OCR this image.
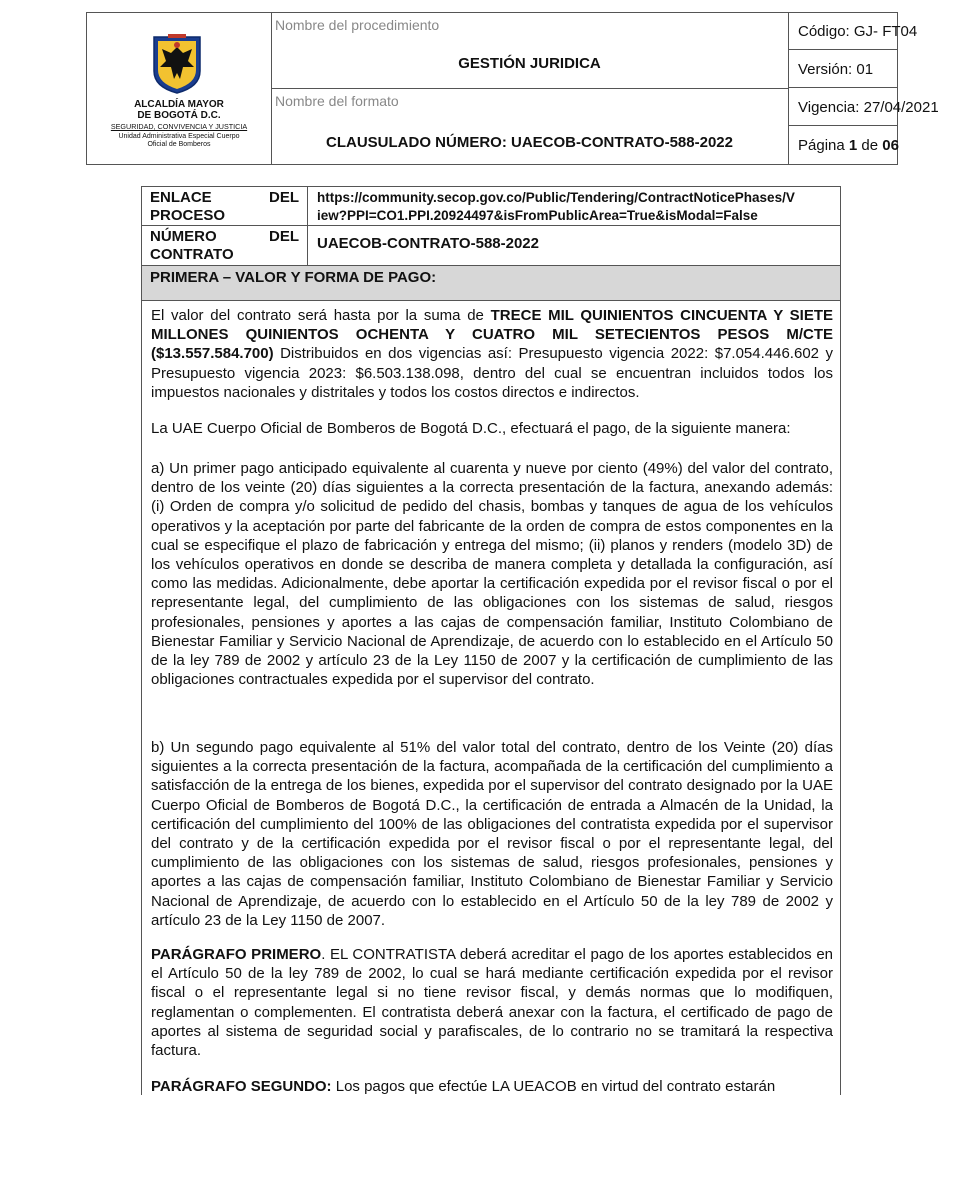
ALCALDÍA MAYOR
DE BOGOTÁ D.C.
SEGURIDAD, CONVIVENCIA Y JUSTICIA
Unidad Administrativa Especial Cuerpo
Oficial de Bomberos
Nombre del procedimiento
GESTIÓN JURIDICA
Nombre del formato
CLAUSULADO NÚMERO: UAECOB-CONTRATO-588-2022
Código: GJ- FT04
Versión: 01
Vigencia: 27/04/2021
Página 1 de 06
ENLACE	DEL
PROCESO
https://community.secop.gov.co/Public/Tendering/ContractNoticePhases/V
iew?PPI=CO1.PPI.20924497&isFromPublicArea=True&isModal=False
NÚMERO	DEL
CONTRATO
UAECOB-CONTRATO-588-2022
PRIMERA – VALOR Y FORMA DE PAGO:
El valor del contrato será hasta por la suma de TRECE MIL QUINIENTOS CINCUENTA Y SIETE MILLONES QUINIENTOS OCHENTA Y CUATRO MIL SETECIENTOS PESOS M/CTE ($13.557.584.700) Distribuidos en dos vigencias así: Presupuesto vigencia 2022: $7.054.446.602 y Presupuesto vigencia 2023: $6.503.138.098, dentro del cual se encuentran incluidos todos los impuestos nacionales y distritales y todos los costos directos e indirectos.
La UAE Cuerpo Oficial de Bomberos de Bogotá D.C., efectuará el pago, de la siguiente manera:
a) Un primer pago anticipado equivalente al cuarenta y nueve por ciento (49%) del valor del contrato, dentro de los veinte (20) días siguientes a la correcta presentación de la factura, anexando además: (i) Orden de compra y/o solicitud de pedido del chasis, bombas y tanques de agua de los vehículos operativos y la aceptación por parte del fabricante de la orden de compra de estos componentes en la cual se especifique el plazo de fabricación y entrega del mismo; (ii) planos y renders (modelo 3D) de los vehículos operativos en donde se describa de manera completa y detallada la configuración, así como las medidas. Adicionalmente, debe aportar la certificación expedida por el revisor fiscal o por el representante legal, del cumplimiento de las obligaciones con los sistemas de salud, riesgos profesionales, pensiones y aportes a las cajas de compensación familiar, Instituto Colombiano de Bienestar Familiar y Servicio Nacional de Aprendizaje, de acuerdo con lo establecido en el Artículo 50 de la ley 789 de 2002 y artículo 23 de la Ley 1150 de 2007 y la certificación de cumplimiento de las obligaciones contractuales expedida por el supervisor del contrato.
b) Un segundo pago equivalente al 51% del valor total del contrato, dentro de los Veinte (20) días siguientes a la correcta presentación de la factura, acompañada de la certificación del cumplimiento a satisfacción de la entrega de los bienes, expedida por el supervisor del contrato designado por la UAE Cuerpo Oficial de Bomberos de Bogotá D.C., la certificación de entrada a Almacén de la Unidad, la certificación del cumplimiento del 100% de las obligaciones del contratista expedida por el supervisor del contrato y de la certificación expedida por el revisor fiscal o por el representante legal, del cumplimiento de las obligaciones con los sistemas de salud, riesgos profesionales, pensiones y aportes a las cajas de compensación familiar, Instituto Colombiano de Bienestar Familiar y Servicio Nacional de Aprendizaje, de acuerdo con lo establecido en el Artículo 50 de la ley 789 de 2002 y artículo 23 de la Ley 1150 de 2007.
PARÁGRAFO PRIMERO. EL CONTRATISTA deberá acreditar el pago de los aportes establecidos en el Artículo 50 de la ley 789 de 2002, lo cual se hará mediante certificación expedida por el revisor fiscal o el representante legal si no tiene revisor fiscal, y demás normas que lo modifiquen, reglamentan o complementen. El contratista deberá anexar con la factura, el certificado de pago de aportes al sistema de seguridad social y parafiscales, de lo contrario no se tramitará la respectiva factura.
PARÁGRAFO SEGUNDO: Los pagos que efectúe LA UEACOB en virtud del contrato estarán
